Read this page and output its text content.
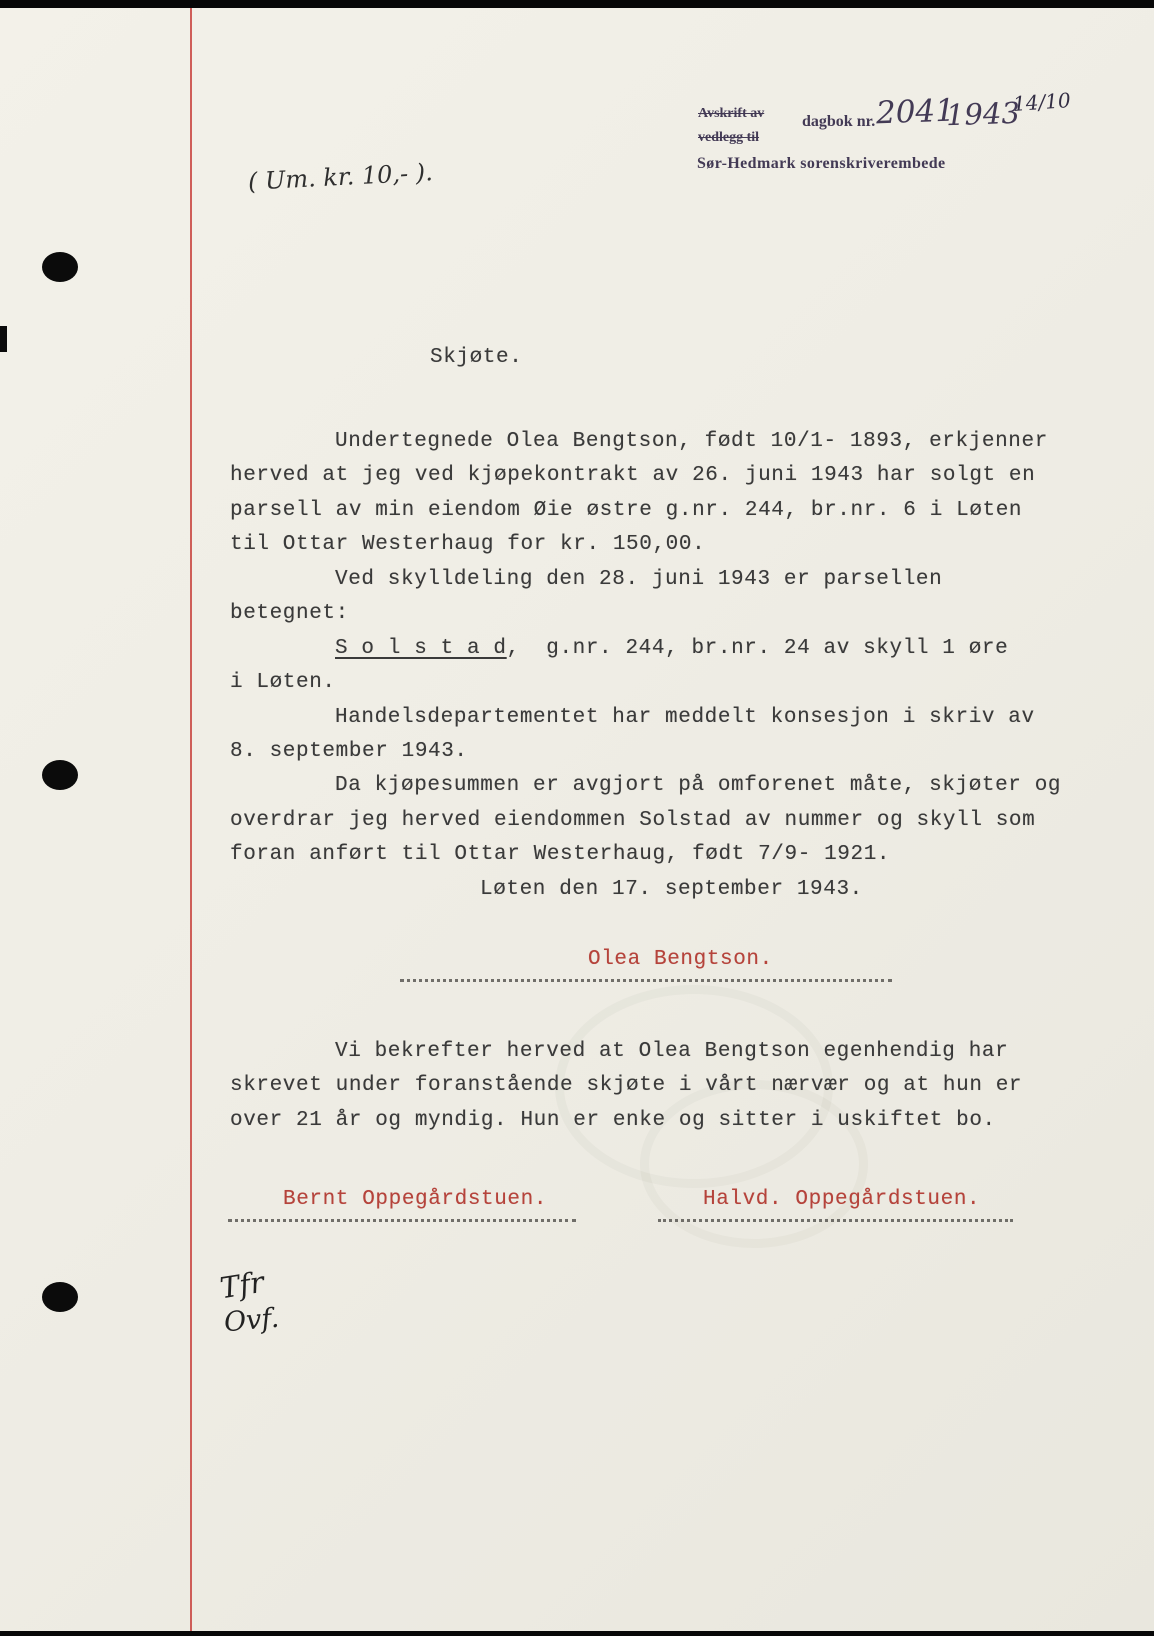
Avskrift av dagbok nr. 2041
1943
14/10
vedlegg til
Sør-Hedmark sorenskriverembede
( Um. kr. 10,- ).
Skjøte.
Undertegnede Olea Bengtson, født 10/1- 1893, erkjenner
herved at jeg ved kjøpekontrakt av 26. juni 1943 har solgt en
parsell av min eiendom Øie østre g.nr. 244, br.nr. 6 i Løten
til Ottar Westerhaug for kr. 150,00.
Ved skylldeling den 28. juni 1943 er parsellen
betegnet:
S o l s t a d,  g.nr. 244, br.nr. 24 av skyll 1 øre
i Løten.
Handelsdepartementet har meddelt konsesjon i skriv av
8. september 1943.
Da kjøpesummen er avgjort på omforenet måte, skjøter og
overdrar jeg herved eiendommen Solstad av nummer og skyll som
foran anført til Ottar Westerhaug, født 7/9- 1921.
Løten den 17. september 1943.
Olea Bengtson.
Vi bekrefter herved at Olea Bengtson egenhendig har
skrevet under foranstående skjøte i vårt nærvær og at hun er
over 21 år og myndig. Hun er enke og sitter i uskiftet bo.
Bernt Oppegårdstuen.	Halvd. Oppegårdstuen.
Tfr
Ovf.
